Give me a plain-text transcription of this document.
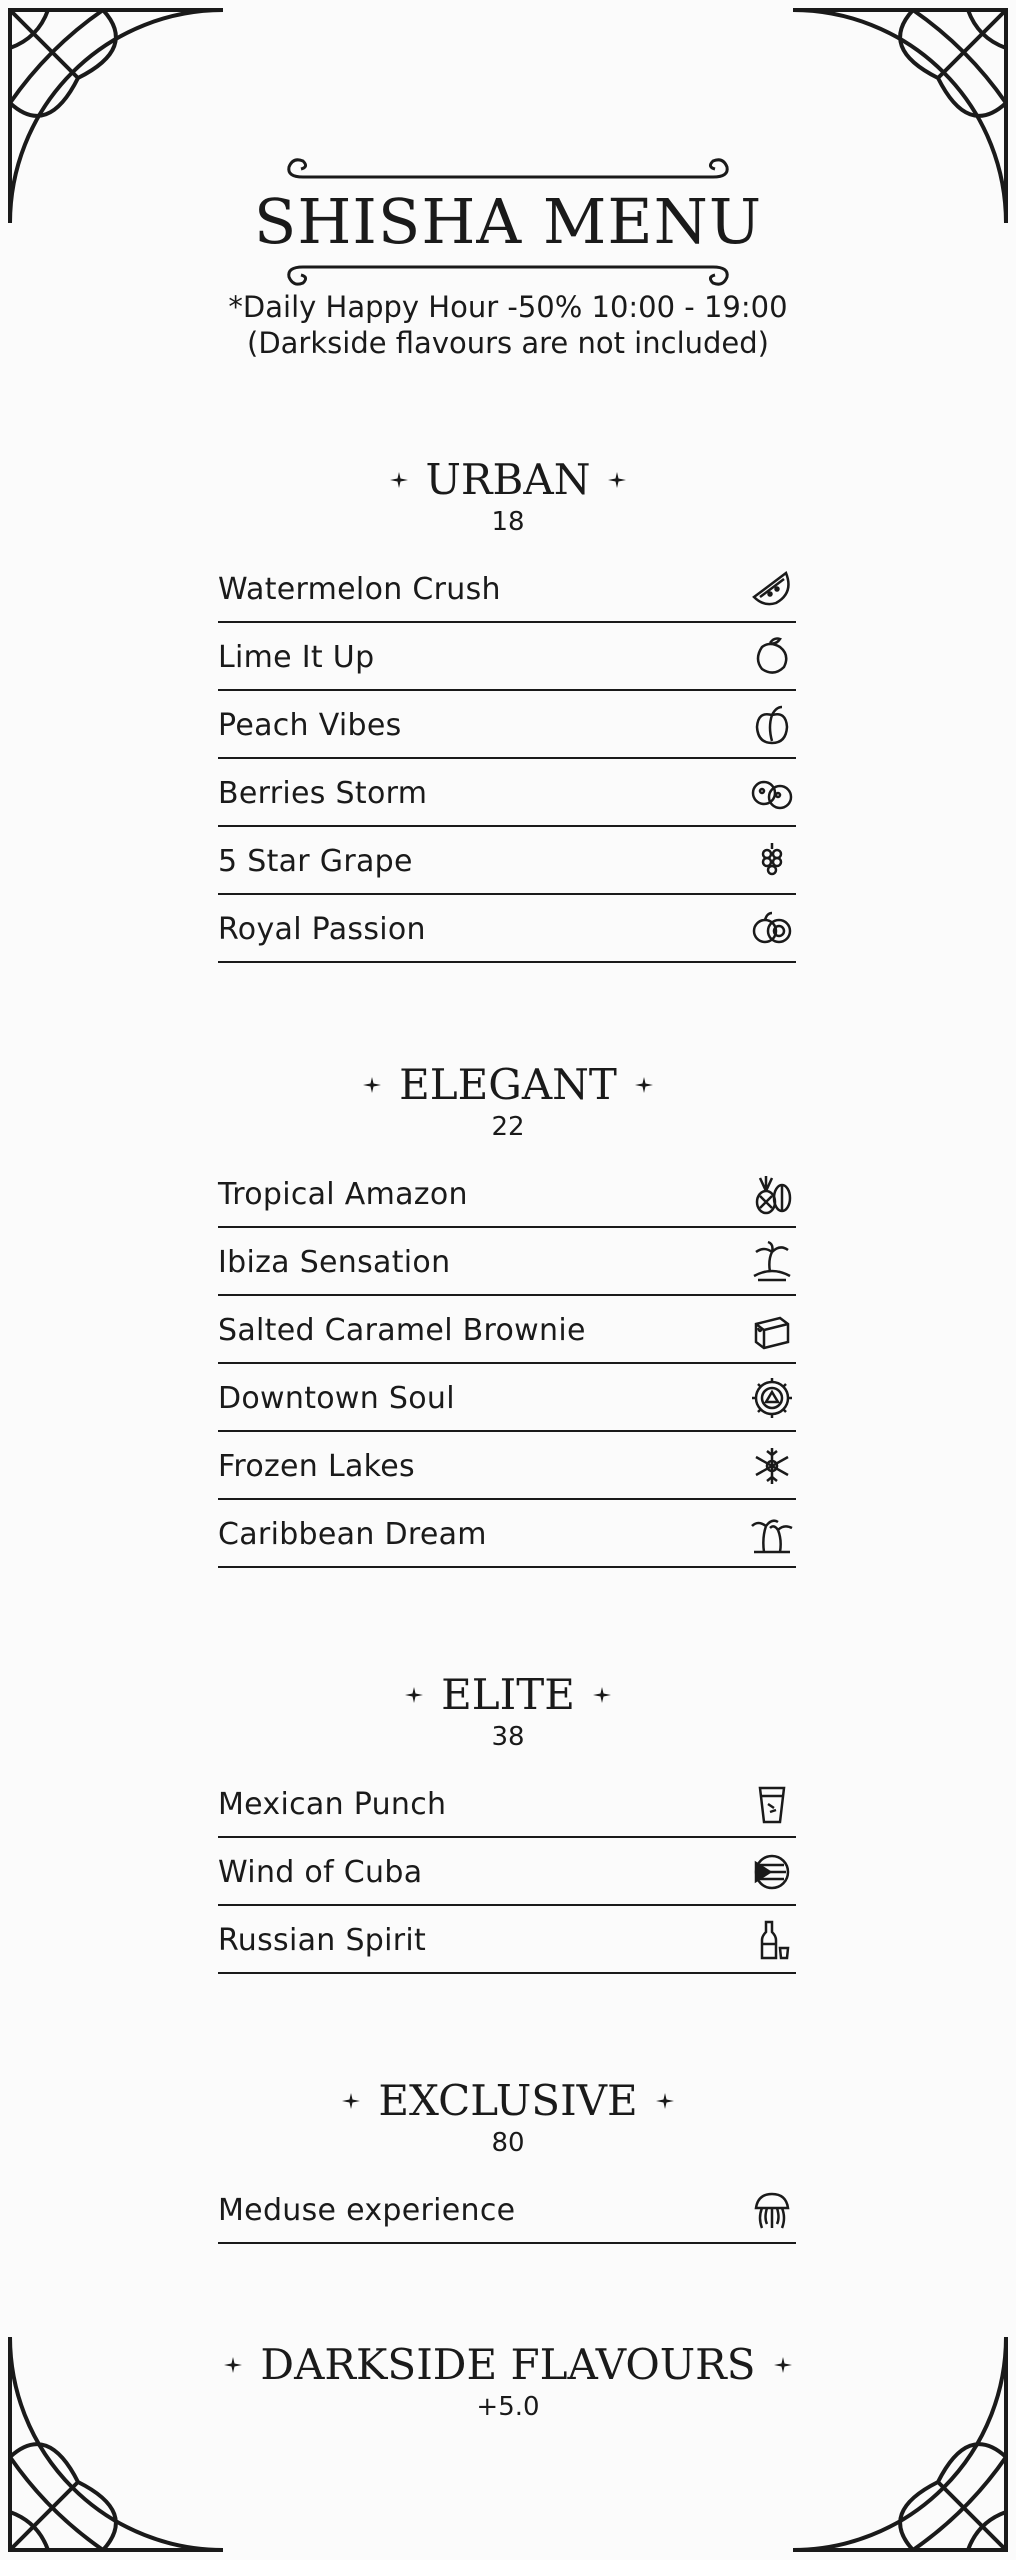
SHISHA MENU
*Daily Happy Hour -50% 10:00 - 19:00
(Darkside flavours are not included)
URBAN
18
Watermelon Crush
Lime It Up
Peach Vibes
Berries Storm
5 Star Grape
Royal Passion
ELEGANT
22
Tropical Amazon
Ibiza Sensation
Salted Caramel Brownie
Downtown Soul
Frozen Lakes
Caribbean Dream
ELITE
38
Mexican Punch
Wind of Cuba
Russian Spirit
EXCLUSIVE
80
Meduse experience
DARKSIDE FLAVOURS
+5.0
